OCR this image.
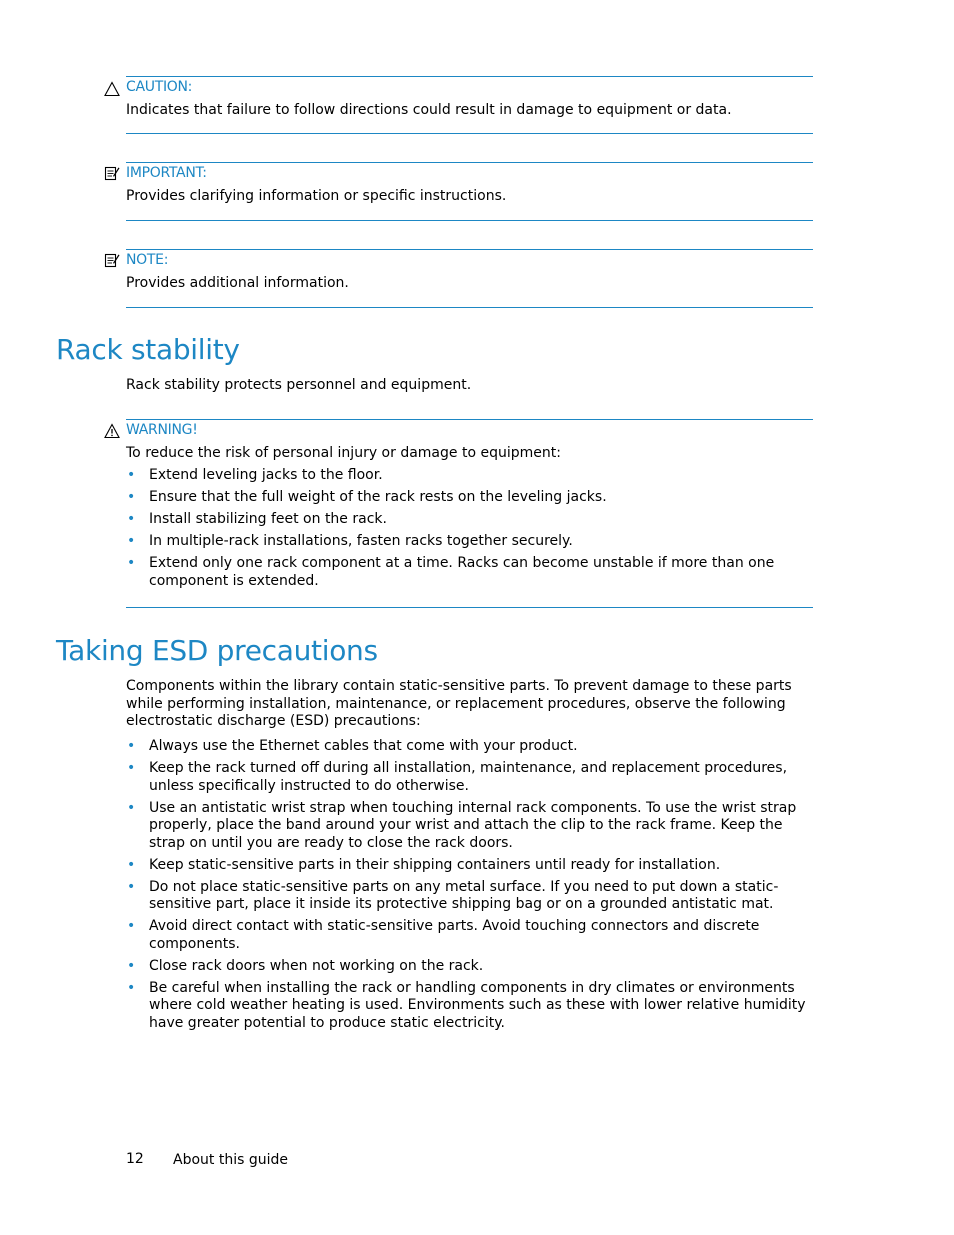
CAUTION:
Indicates that failure to follow directions could result in damage to equipment or data.
IMPORTANT:
Provides clarifying information or specific instructions.
NOTE:
Provides additional information.
Rack stability

Rack stability protects personnel and equipment.

WARNING!
To reduce the risk of personal injury or damage to equipment:
• Extend leveling jacks to the floor.
• Ensure that the full weight of the rack rests on the leveling jacks.
• Install stabilizing feet on the rack.
• In multiple-rack installations, fasten racks together securely.
• Extend only one rack component at a time. Racks can become unstable if more than one component is extended.
Taking ESD precautions

Components within the library contain static-sensitive parts. To prevent damage to these parts while performing installation, maintenance, or replacement procedures, observe the following electrostatic discharge (ESD) precautions:

• Always use the Ethernet cables that come with your product.
• Keep the rack turned off during all installation, maintenance, and replacement procedures, unless specifically instructed to do otherwise.
• Use an antistatic wrist strap when touching internal rack components. To use the wrist strap properly, place the band around your wrist and attach the clip to the rack frame. Keep the strap on until you are ready to close the rack doors.
• Keep static-sensitive parts in their shipping containers until ready for installation.
• Do not place static-sensitive parts on any metal surface. If you need to put down a static-sensitive part, place it inside its protective shipping bag or on a grounded antistatic mat.
• Avoid direct contact with static-sensitive parts. Avoid touching connectors and discrete components.
• Close rack doors when not working on the rack.
• Be careful when installing the rack or handling components in dry climates or environments where cold weather heating is used. Environments such as these with lower relative humidity have greater potential to produce static electricity.
12 About this guide
